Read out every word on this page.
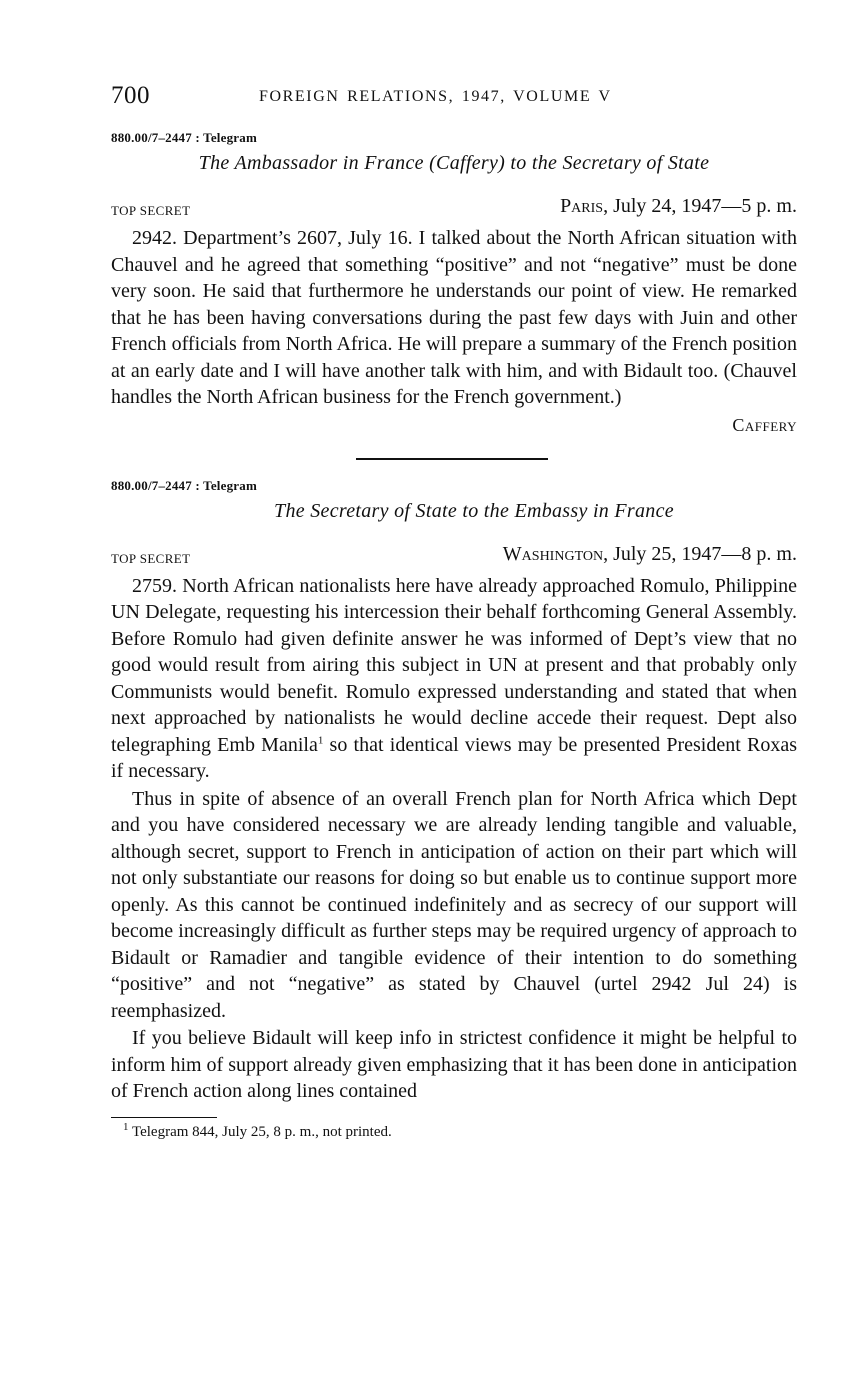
700	FOREIGN RELATIONS, 1947, VOLUME V
880.00/7–2447 : Telegram
The Ambassador in France (Caffery) to the Secretary of State
TOP SECRET	Paris, July 24, 1947—5 p. m.

2942. Department’s 2607, July 16. I talked about the North African situation with Chauvel and he agreed that something “positive” and not “negative” must be done very soon. He said that furthermore he understands our point of view. He remarked that he has been having conversations during the past few days with Juin and other French officials from North Africa. He will prepare a summary of the French position at an early date and I will have another talk with him, and with Bidault too. (Chauvel handles the North African business for the French government.)

Caffery
880.00/7–2447 : Telegram
The Secretary of State to the Embassy in France
TOP SECRET	Washington, July 25, 1947—8 p. m.

2759. North African nationalists here have already approached Romulo, Philippine UN Delegate, requesting his intercession their behalf forthcoming General Assembly. Before Romulo had given definite answer he was informed of Dept’s view that no good would result from airing this subject in UN at present and that probably only Communists would benefit. Romulo expressed understanding and stated that when next approached by nationalists he would decline accede their request. Dept also telegraphing Emb Manila$^1$ so that identical views may be presented President Roxas if necessary.

Thus in spite of absence of an overall French plan for North Africa which Dept and you have considered necessary we are already lending tangible and valuable, although secret, support to French in anticipation of action on their part which will not only substantiate our reasons for doing so but enable us to continue support more openly. As this cannot be continued indefinitely and as secrecy of our support will become increasingly difficult as further steps may be required urgency of approach to Bidault or Ramadier and tangible evidence of their intention to do something “positive” and not “negative” as stated by Chauvel (urtel 2942 Jul 24) is reemphasized.

If you believe Bidault will keep info in strictest confidence it might be helpful to inform him of support already given emphasizing that it has been done in anticipation of French action along lines contained

$^1$ Telegram 844, July 25, 8 p. m., not printed.
